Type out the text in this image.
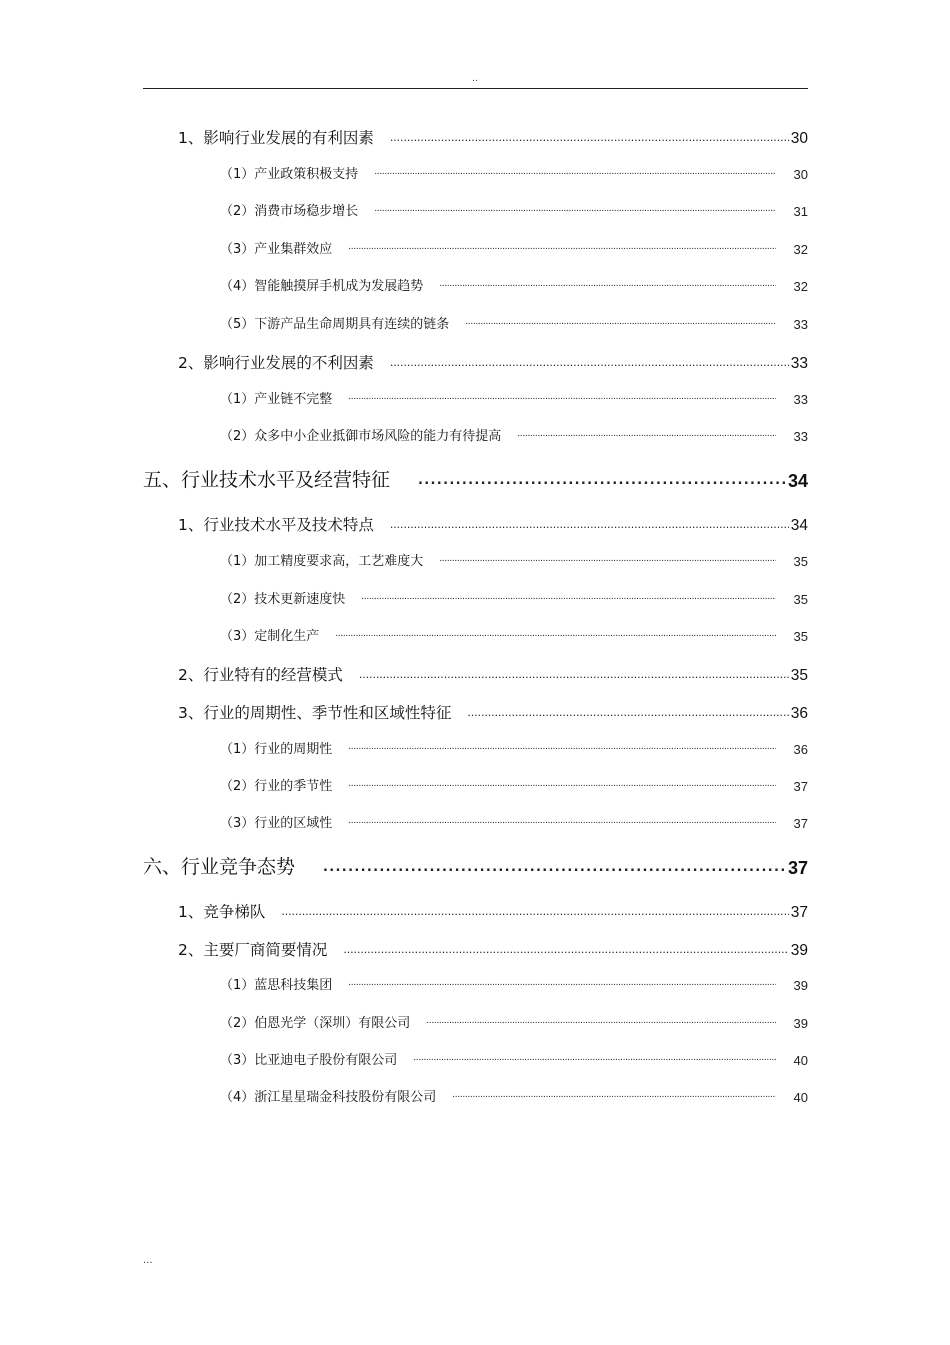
..
1、影响行业发展的有利因素 . . .	30
（1）产业政策积极支持 . . .	30
（2）消费市场稳步增长 . . .	31
（3）产业集群效应 . . .	32
（4）智能触摸屏手机成为发展趋势 . . .	32
（5）下游产品生命周期具有连续的链条 . . .	33
2、影响行业发展的不利因素 . . .	33
（1）产业链不完整 . . .	33
（2）众多中小企业抵御市场风险的能力有待提高 . . .	33
五、行业技术水平及经营特征 . . .	34
1、行业技术水平及技术特点 . . .	34
（1）加工精度要求高，工艺难度大 . . .	35
（2）技术更新速度快 . . .	35
（3）定制化生产 . . .	35
2、行业特有的经营模式 . . .	35
3、行业的周期性、季节性和区域性特征 . . .	36
（1）行业的周期性 . . .	36
（2）行业的季节性 . . .	37
（3）行业的区域性 . . .	37
六、行业竞争态势 . . .	37
1、竞争梯队 . . .	37
2、主要厂商简要情况 . . .	39
（1）蓝思科技集团 . . .	39
（2）伯恩光学（深圳）有限公司 . . .	39
（3）比亚迪电子股份有限公司 . . .	40
（4）浙江星星瑞金科技股份有限公司 . . .	40
...
